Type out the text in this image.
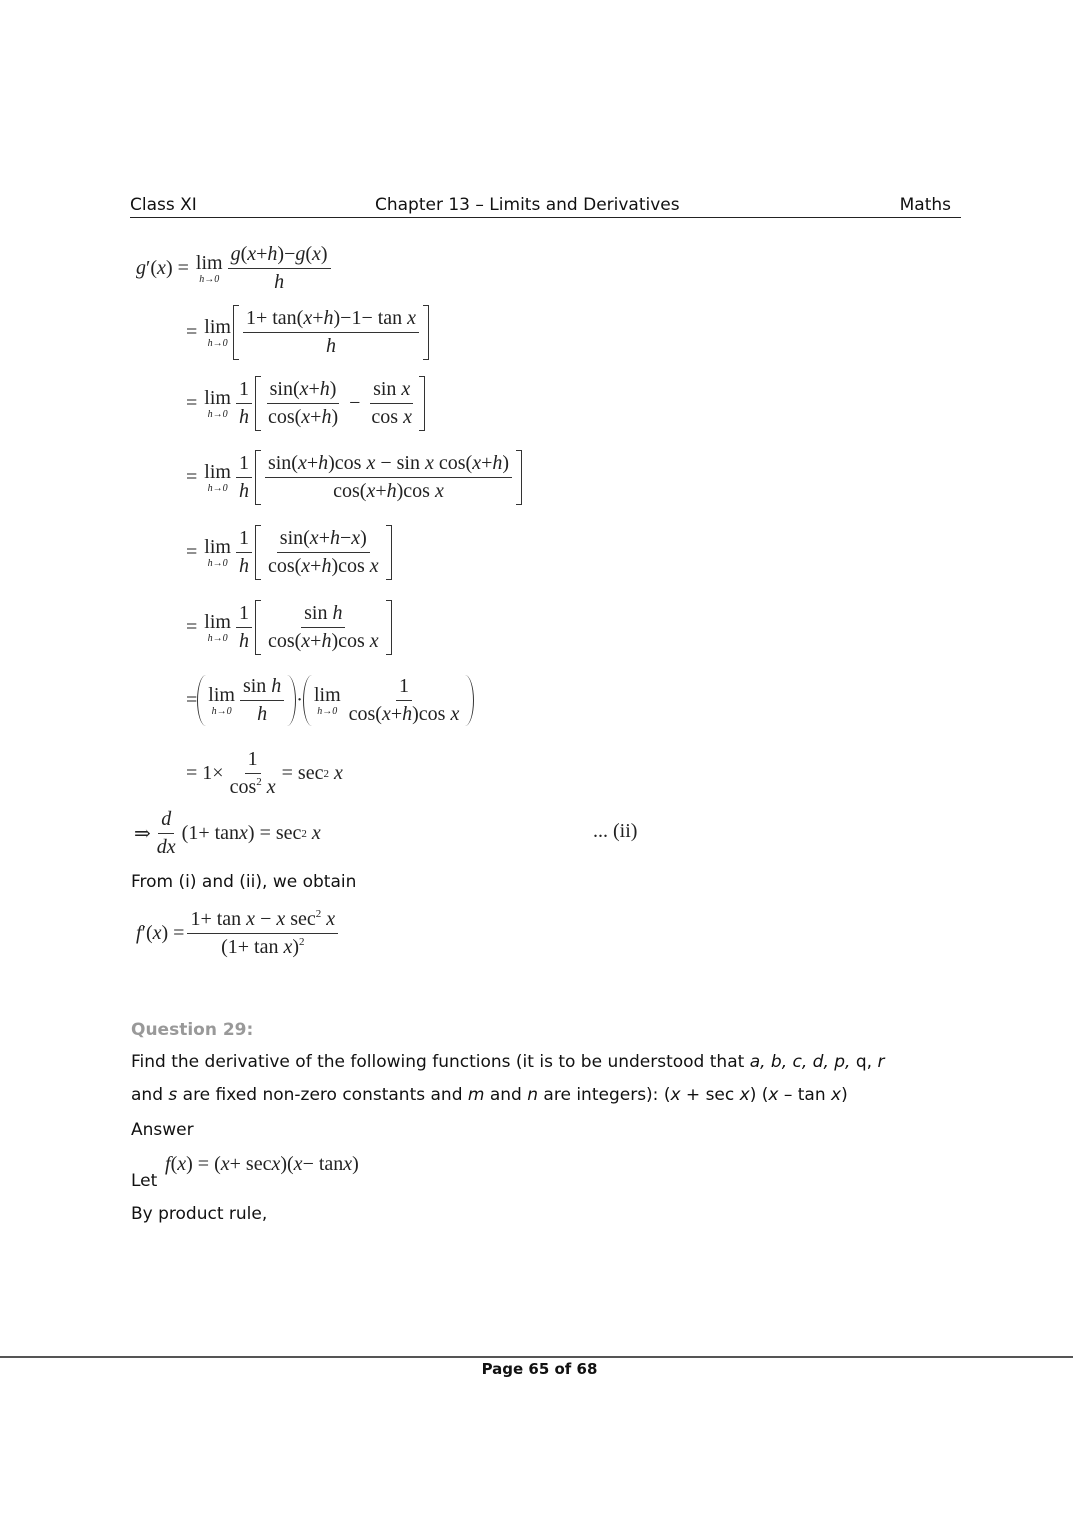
Class XI	Chapter 13 – Limits and Derivatives	Maths
g ′( x ) = lim
$h\to 0 \frac{g(x+h)-g(x)}{h}$
= lim
$h\to 0 \frac{\text{1+ tan(x+h)−1− tan x}}{h}$
= lim
$h\to 0 \frac{1}{h} \frac{\sin(x+h)}{\cos(x+h)} - \frac{\text{sin x}}{\text{cos x}}$
= lim
$h\to 0 \frac{1}{h} \frac{\text{sin(x+h)cos x − sin x cos(x+h)}}{\text{cos(x+h)cos x}}$
= lim
$h\to 0 \frac{1}{h} \frac{\sin(x+h-x)}{\text{cos(x+h)cos x}}$
= lim
$h\to 0 \frac{1}{h} \frac{\text{sin h}}{\text{cos(x+h)cos x}}$
= lim
$h\to 0 \frac{\text{sin h}}{h} \cdot \lim$
$h\to 0 \frac{1}{\text{cos(x+h)cos x}}$
= $1\times \frac{1}{\cos^2 x} = \sec 2$
x
⇒ $\frac{d}{dx} (1+ \tan x$ ) = sec 2
x	... (ii)
From (i) and (ii), we obtain
f ′( x ) = $\frac{1+ \tan x - x \sec^2 x}{(1+ \tan x)^2}$
Question 29:
Find the derivative of the following functions (it is to be understood that a, b, c, d, p, q, r
and s are fixed non-zero constants and m and n are integers): (x + sec x) (x – tan x)
Answer
Let
f ( x ) = ( x + sec x )( x − tan x )
By product rule,
Page 65 of 68
